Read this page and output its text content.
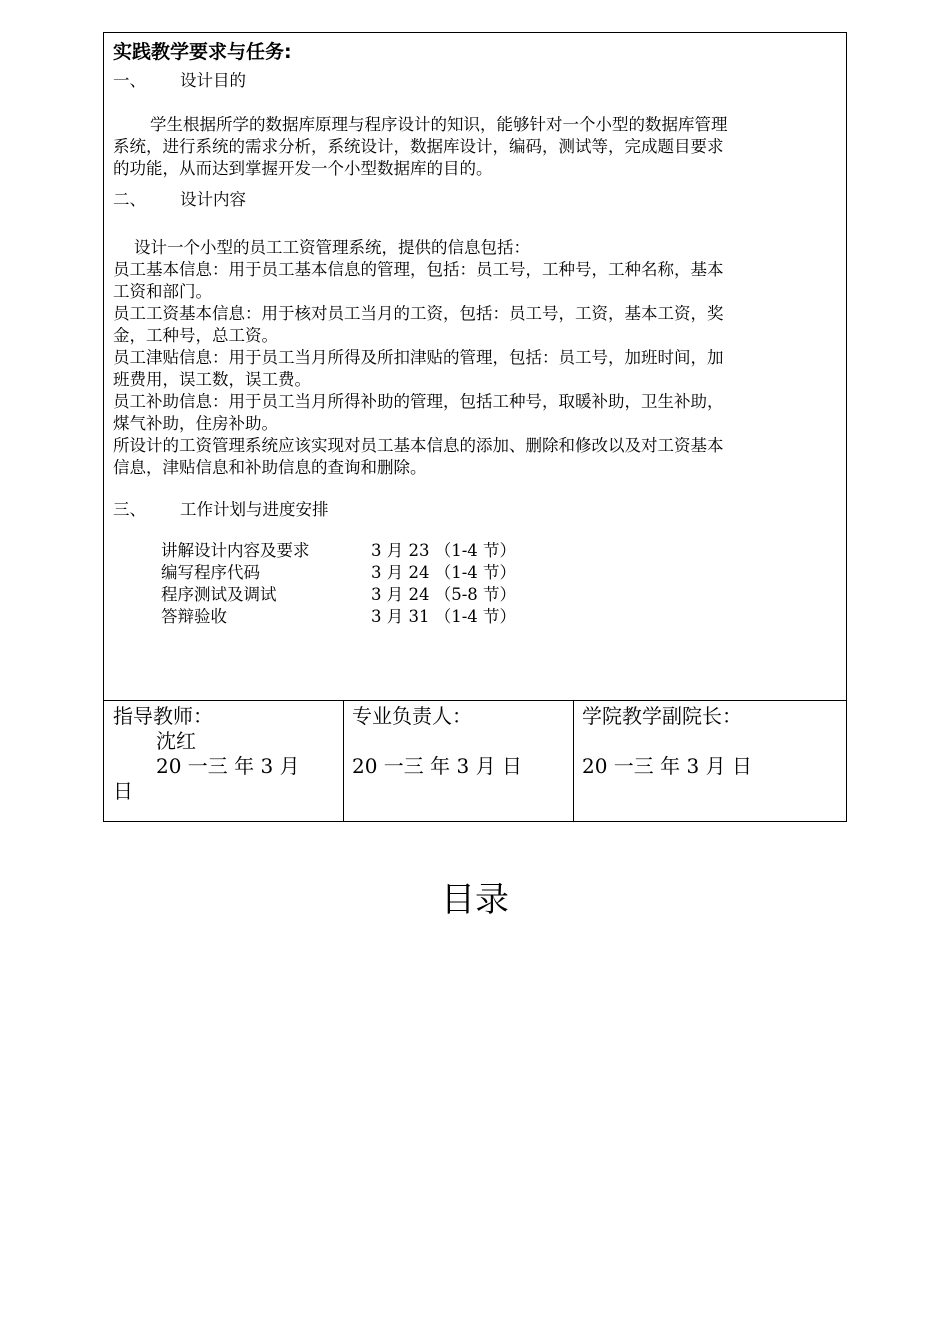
实践教学要求与任务:
一、 设计目的
学生根据所学的数据库原理与程序设计的知识，能够针对一个小型的数据库管理
系统，进行系统的需求分析，系统设计，数据库设计，编码，测试等，完成题目要求
的功能，从而达到掌握开发一个小型数据库的目的。
二、 设计内容
设计一个小型的员工工资管理系统，提供的信息包括：
员工基本信息：用于员工基本信息的管理，包括：员工号，工种号，工种名称，基本
工资和部门。
员工工资基本信息：用于核对员工当月的工资，包括：员工号，工资，基本工资，奖
金，工种号，总工资。
员工津贴信息：用于员工当月所得及所扣津贴的管理，包括：员工号，加班时间，加
班费用，误工数，误工费。
员工补助信息：用于员工当月所得补助的管理，包括工种号，取暖补助，卫生补助，
煤气补助，住房补助。
所设计的工资管理系统应该实现对员工基本信息的添加、删除和修改以及对工资基本
信息，津贴信息和补助信息的查询和删除。
三、 工作计划与进度安排
讲解设计内容及要求	3 月 23 （1-4 节）
编写程序代码	3 月 24 （1-4 节）
程序测试及调试	3 月 24 （5-8 节）
答辩验收	3 月 31 （1-4 节）
指导教师：
沈红
20 一三 年 3 月
日
专业负责人：
20 一三 年 3 月 日
学院教学副院长：
20 一三 年 3 月 日
目录
